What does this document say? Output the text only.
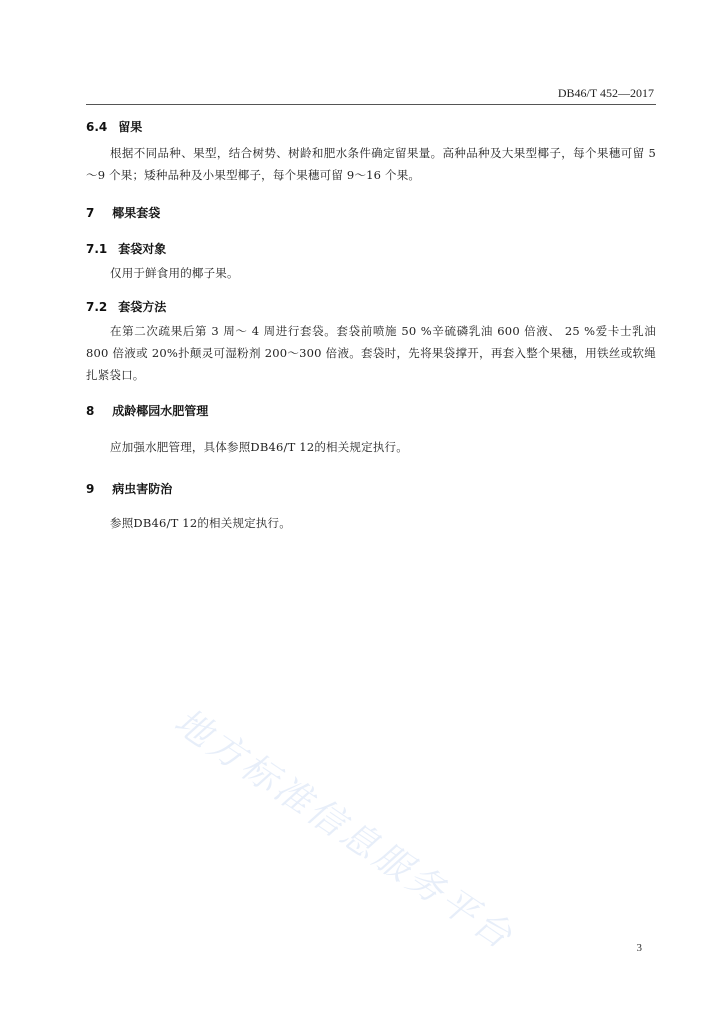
DB46/T 452—2017
6.4 留果
根据不同品种、果型，结合树势、树龄和肥水条件确定留果量。高种品种及大果型椰子，每个果穗可留 5～9 个果；矮种品种及小果型椰子，每个果穗可留 9～16 个果。
7 椰果套袋
7.1 套袋对象
仅用于鲜食用的椰子果。
7.2 套袋方法
在第二次疏果后第 3 周～ 4 周进行套袋。套袋前喷施 50 %辛硫磷乳油 600 倍液、 25 %爱卡士乳油 800 倍液或 20%扑颠灵可湿粉剂 200～300 倍液。套袋时，先将果袋撑开，再套入整个果穗，用铁丝或软绳扎紧袋口。
8 成龄椰园水肥管理
应加强水肥管理，具体参照DB46/T 12的相关规定执行。
9 病虫害防治
参照DB46/T 12的相关规定执行。
地方标准信息服务平台	3
